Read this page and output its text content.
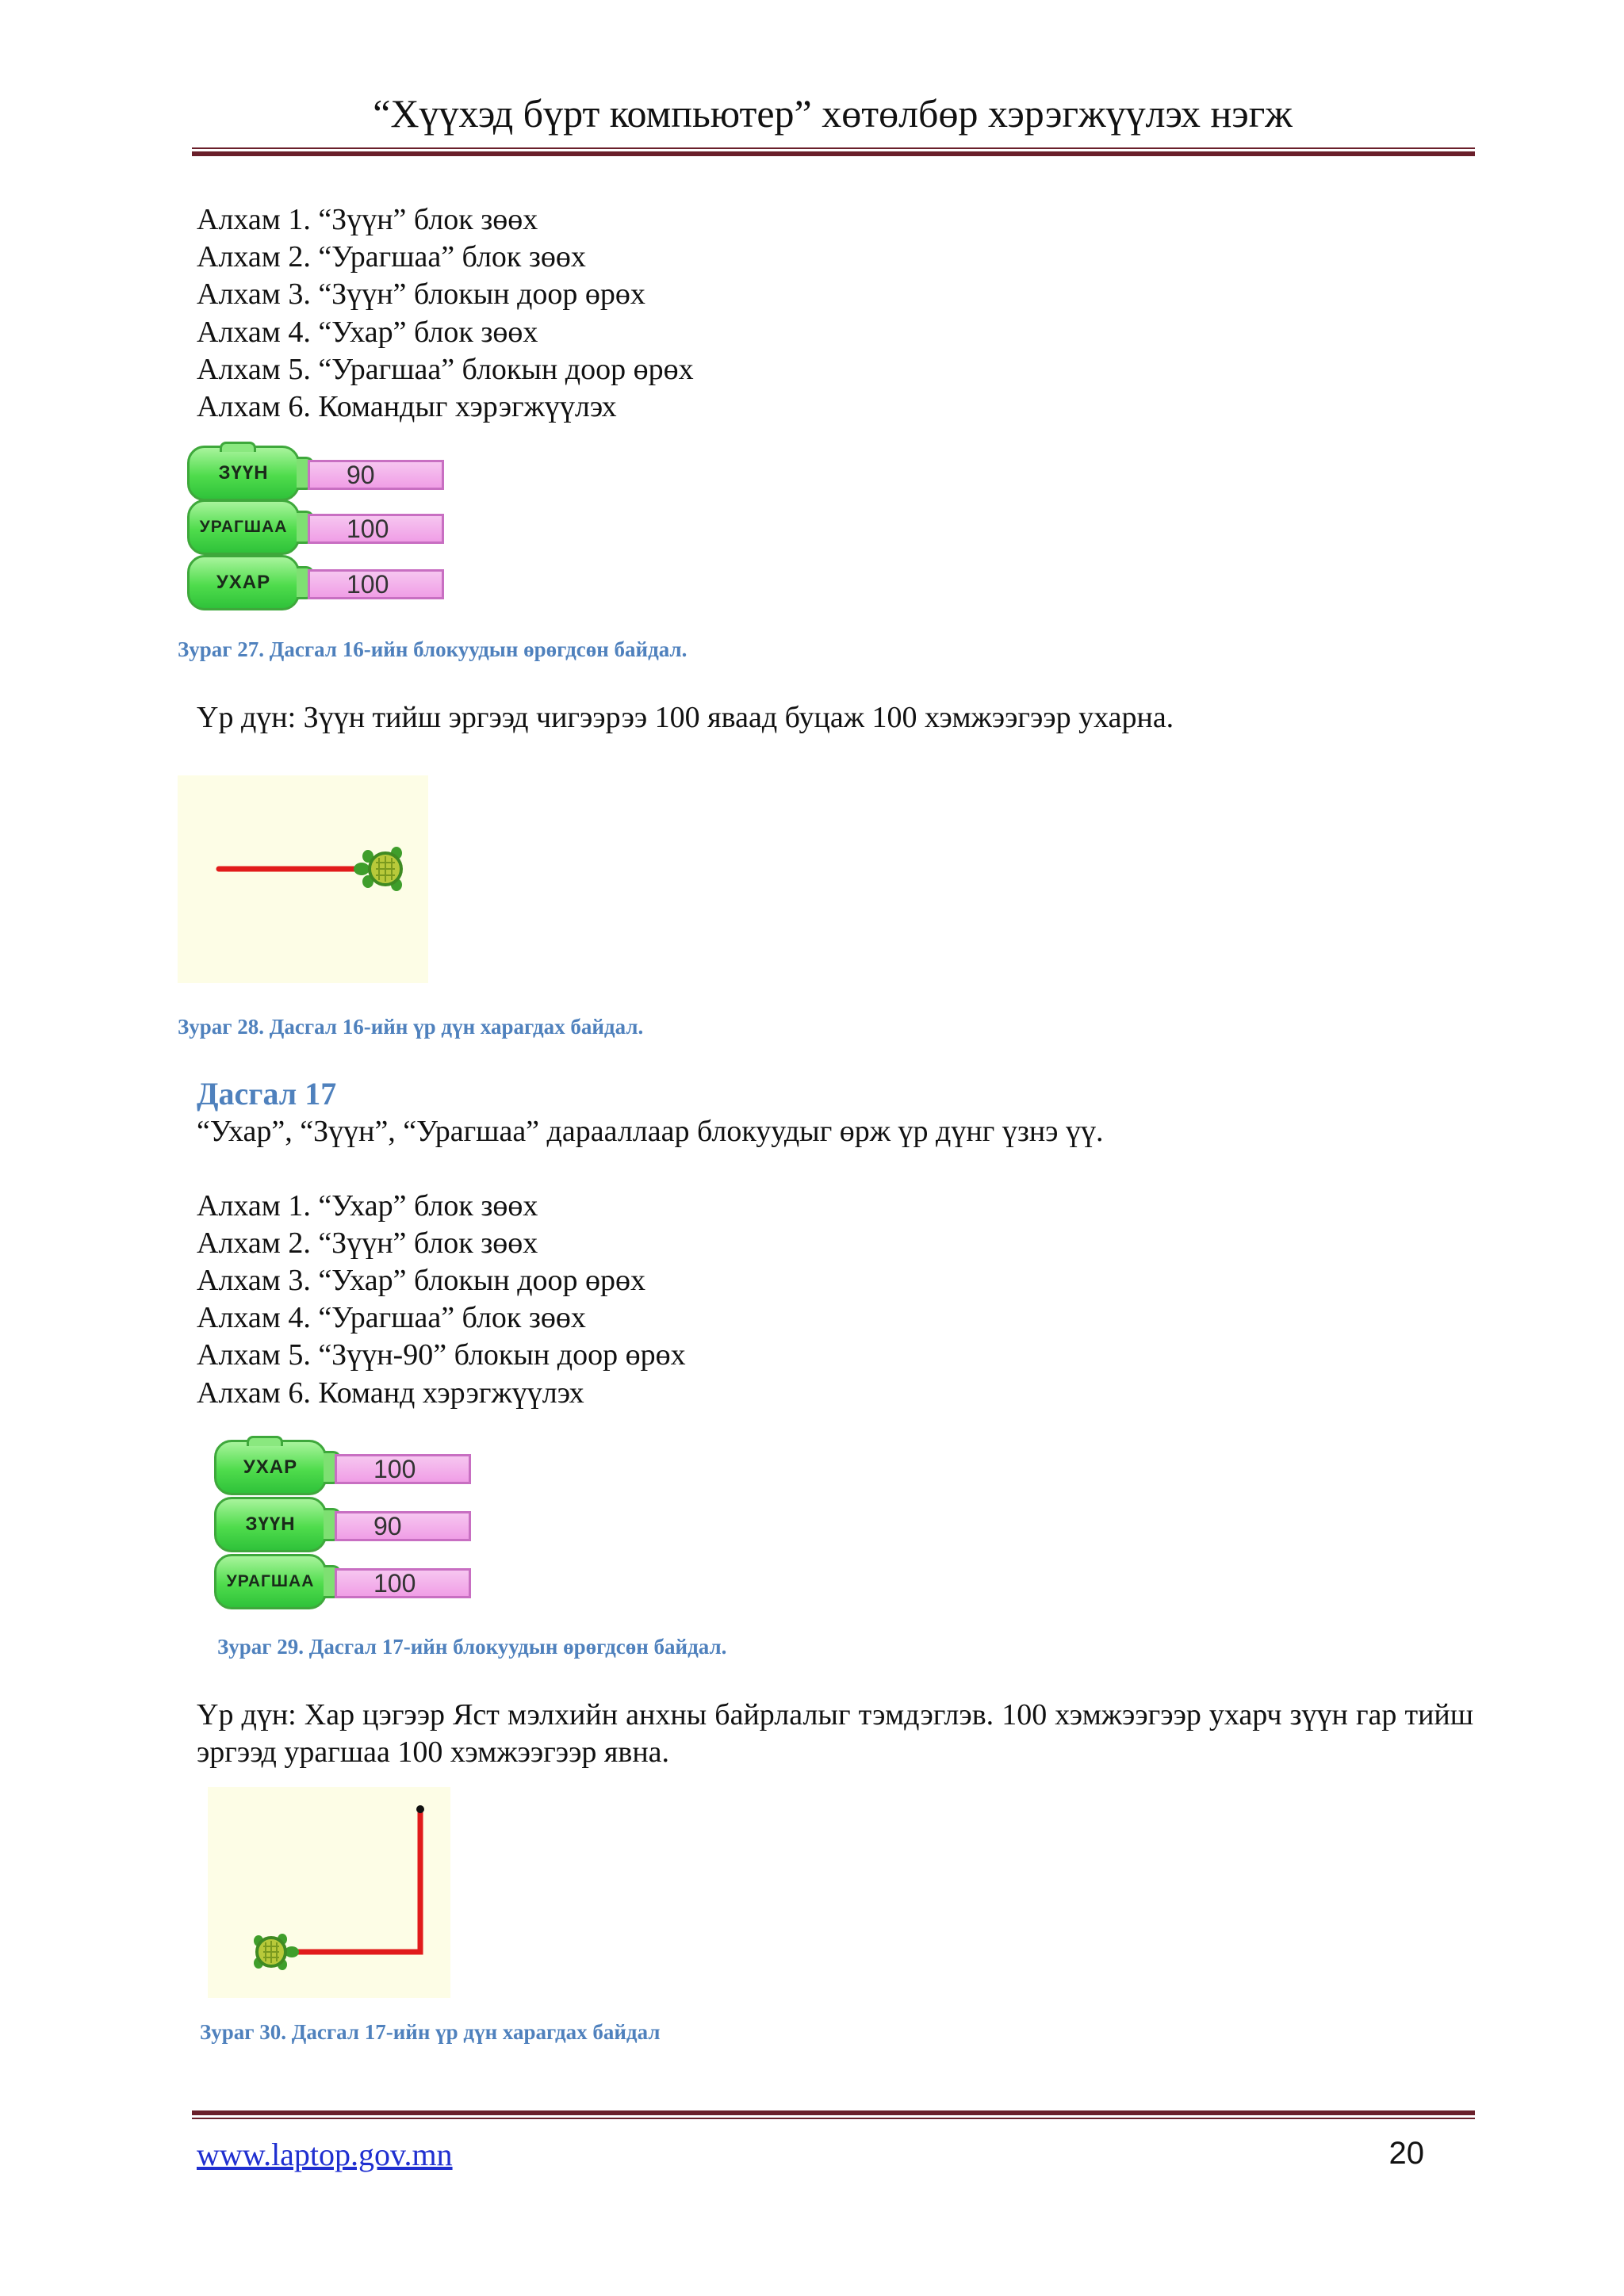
“Хүүхэд бүрт компьютер” хөтөлбөр хэрэгжүүлэх нэгж
Алхам 1. “Зүүн” блок зөөх
Алхам 2. “Урагшаа” блок зөөх
Алхам 3. “Зүүн” блокын доор өрөх
Алхам 4. “Ухар” блок зөөх
Алхам 5. “Урагшаа” блокын доор өрөх
Алхам 6. Командыг хэрэгжүүлэх
ЗҮҮН	90
УРАГШАА	100
УХАР	100
Зураг 27. Дасгал 16-ийн блокуудын өрөгдсөн байдал.
Үр дүн: Зүүн тийш эргээд чигээрээ 100 яваад буцаж 100 хэмжээгээр ухарна.
Зураг 28. Дасгал 16-ийн үр дүн харагдах байдал.
Дасгал 17
“Ухар”, “Зүүн”, “Урагшаа” дарааллаар блокуудыг өрж үр дүнг үзнэ үү.
Алхам 1. “Ухар” блок зөөх
Алхам 2. “Зүүн” блок зөөх
Алхам 3. “Ухар” блокын доор өрөх
Алхам 4. “Урагшаа” блок зөөх
Алхам 5. “Зүүн-90” блокын доор өрөх
Алхам 6. Команд хэрэгжүүлэх
УХАР	100
ЗҮҮН	90
УРАГШАА	100
Зураг 29. Дасгал 17-ийн блокуудын өрөгдсөн байдал.
Үр дүн: Хар цэгээр Яст мэлхийн анхны байрлалыг тэмдэглэв. 100 хэмжээгээр ухарч зүүн гар тийш эргээд урагшаа 100 хэмжээгээр явна.
Зураг 30. Дасгал 17-ийн үр дүн харагдах байдал
www.laptop.gov.mn	20
